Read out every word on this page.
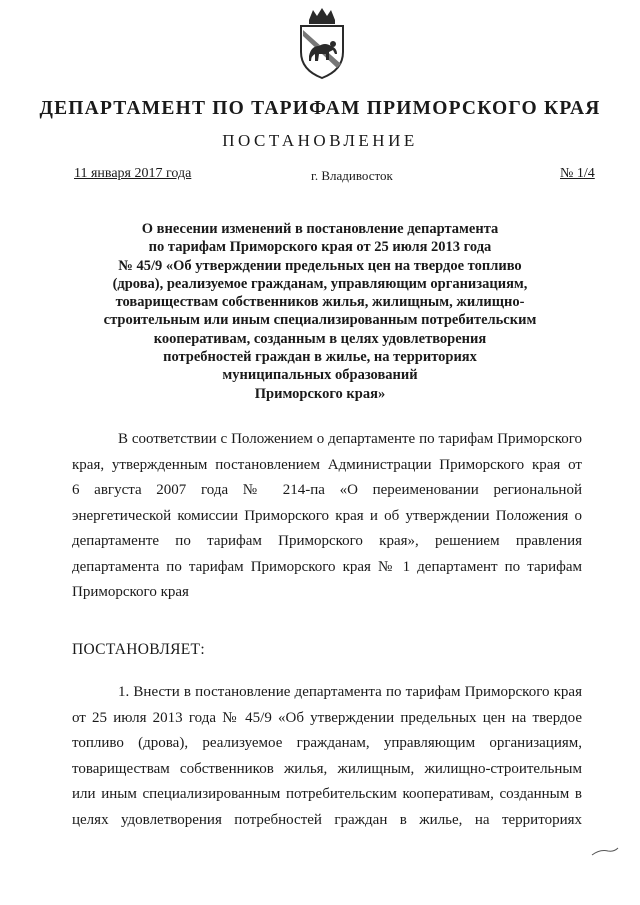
ДЕПАРТАМЕНТ ПО ТАРИФАМ ПРИМОРСКОГО КРАЯ
ПОСТАНОВЛЕНИЕ
11 января 2017 года	г. Владивосток	№ 1/4
О внесении изменений в постановление департамента
по тарифам Приморского края от 25 июля 2013 года
№ 45/9 «Об утверждении предельных цен на твердое топливо
(дрова), реализуемое гражданам, управляющим организациям,
товариществам собственников жилья, жилищным, жилищно-
строительным или иным специализированным потребительским
кооперативам, созданным в целях удовлетворения
потребностей граждан в жилье, на территориях
муниципальных образований
Приморского края»
В соответствии с Положением о департаменте по тарифам Приморского
края, утвержденным постановлением Администрации Приморского края от
6 августа 2007 года № 214-па «О переименовании региональной
энергетической комиссии Приморского края и об утверждении Положения о
департаменте по тарифам Приморского края», решением правления
департамента по тарифам Приморского края № 1 департамент по тарифам
Приморского края
ПОСТАНОВЛЯЕТ:
1. Внести в постановление департамента по тарифам Приморского края
от 25 июля 2013 года № 45/9 «Об утверждении предельных цен на твердое
топливо (дрова), реализуемое гражданам, управляющим организациям,
товариществам собственников жилья, жилищным, жилищно-строительным
или иным специализированным потребительским кооперативам, созданным в
целях удовлетворения потребностей граждан в жилье, на территориях
